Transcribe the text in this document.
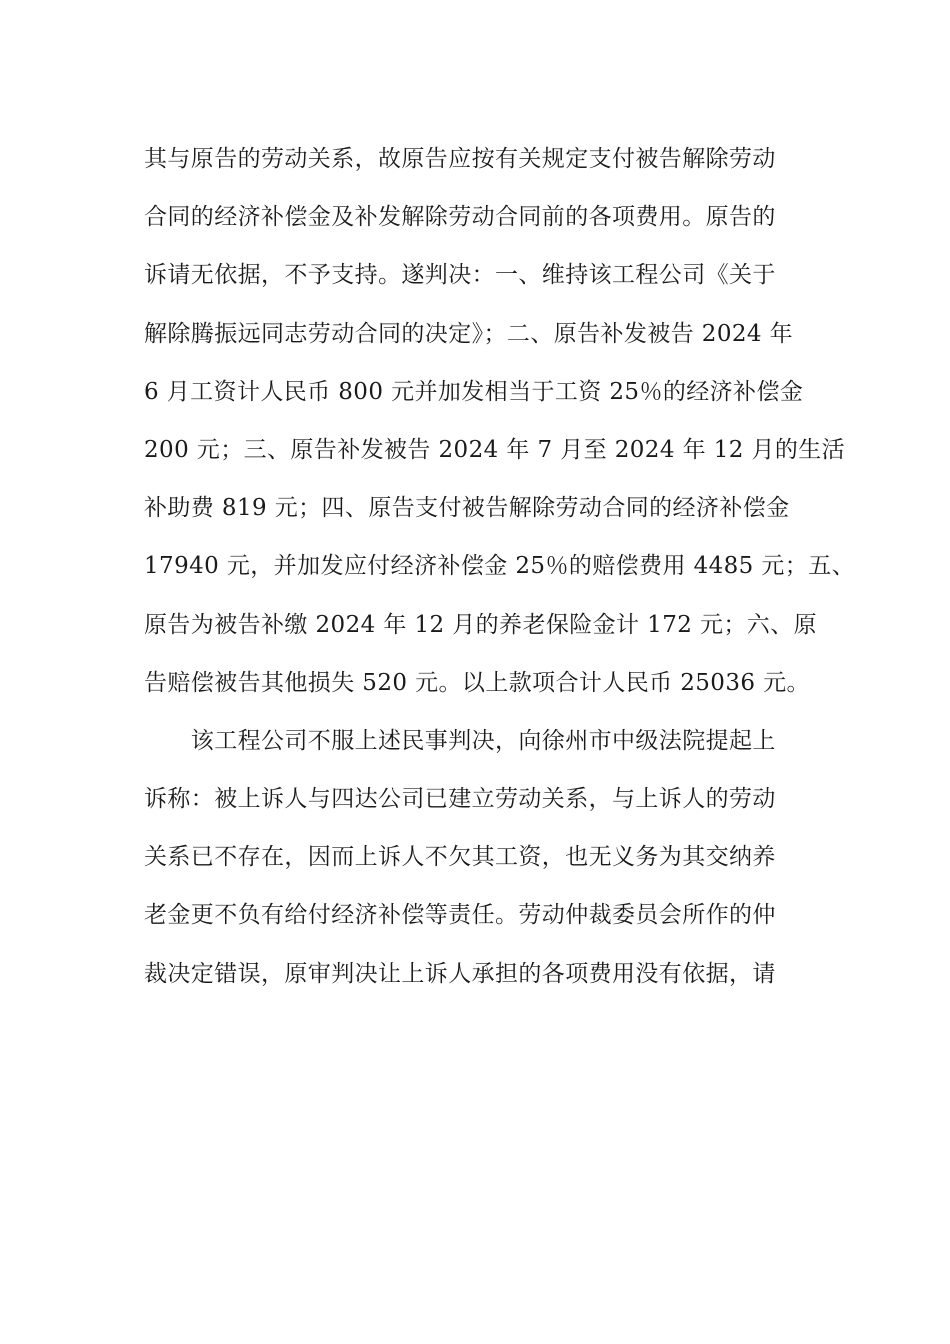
其与原告的劳动关系，故原告应按有关规定支付被告解除劳动
合同的经济补偿金及补发解除劳动合同前的各项费用。原告的
诉请无依据，不予支持。遂判决：一、维持该工程公司《关于
解除腾振远同志劳动合同的决定》；二、原告补发被告 2024 年
6 月工资计人民币 800 元并加发相当于工资 25％的经济补偿金
200 元；三、原告补发被告 2024 年 7 月至 2024 年 12 月的生活
补助费 819 元；四、原告支付被告解除劳动合同的经济补偿金
17940 元，并加发应付经济补偿金 25％的赔偿费用 4485 元；五、
原告为被告补缴 2024 年 12 月的养老保险金计 172 元；六、原
告赔偿被告其他损失 520 元。以上款项合计人民币 25036 元。
　　该工程公司不服上述民事判决，向徐州市中级法院提起上
诉称：被上诉人与四达公司已建立劳动关系，与上诉人的劳动
关系已不存在，因而上诉人不欠其工资，也无义务为其交纳养
老金更不负有给付经济补偿等责任。劳动仲裁委员会所作的仲
裁决定错误，原审判决让上诉人承担的各项费用没有依据，请
